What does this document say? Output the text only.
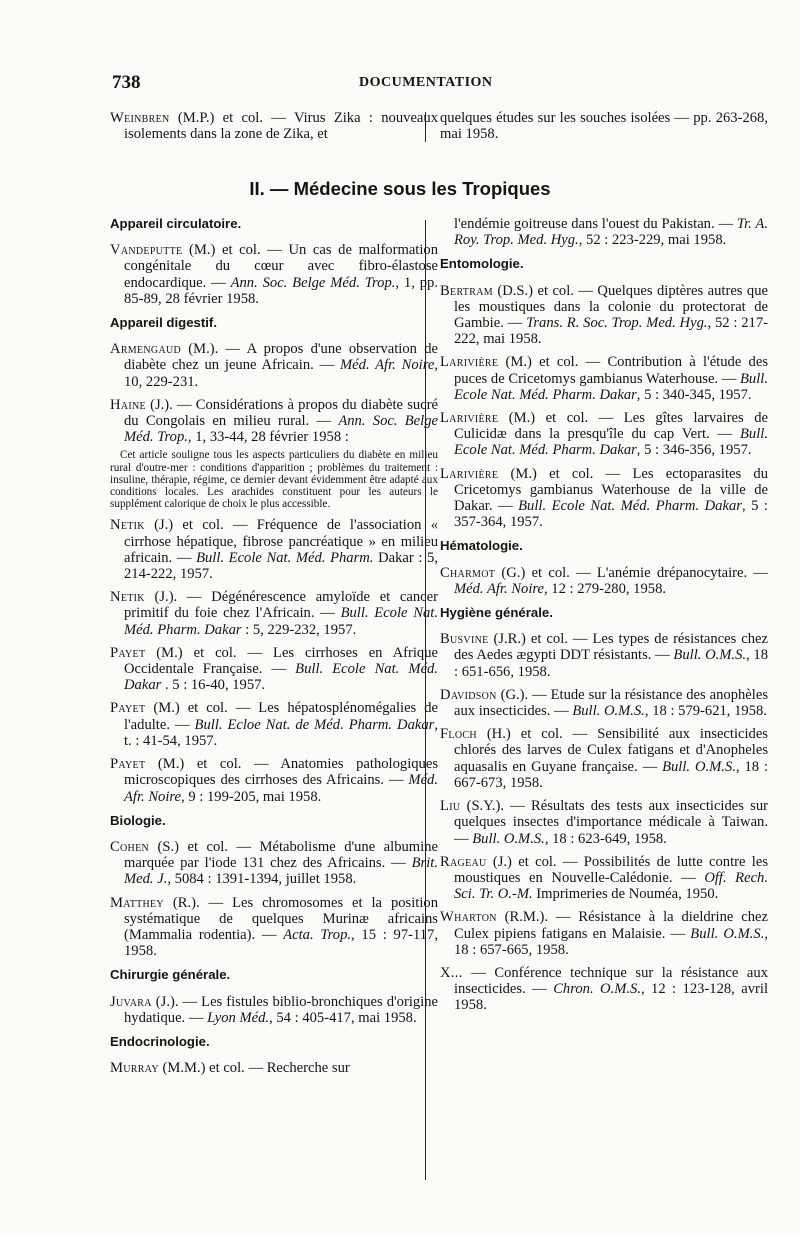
738	DOCUMENTATION

Weinbren (M.P.) et col. — Virus Zika : nouveaux isolements dans la zone de Zika, et

quelques études sur les souches isolées — pp. 263-268, mai 1958.

II. — Médecine sous les Tropiques
Appareil circulatoire.

Vandeputte (M.) et col. — Un cas de malformation congénitale du cœur avec fibro-élastose endocardique. — Ann. Soc. Belge Méd. Trop., 1, pp. 85-89, 28 février 1958.

Appareil digestif.

Armengaud (M.). — A propos d'une observation de diabète chez un jeune Africain. — Méd. Afr. Noire, 10, 229-231.

Haine (J.). — Considérations à propos du diabète sucré du Congolais en milieu rural. — Ann. Soc. Belge Méd. Trop., 1, 33-44, 28 février 1958 :

Cet article souligne tous les aspects particuliers du diabète en milieu rural d'outre-mer : conditions d'apparition ; problèmes du traitement : insuline, thérapie, régime, ce dernier devant évidemment être adapté aux conditions locales. Les arachides constituent pour les auteurs le supplément calorique de choix le plus accessible.

Netik (J.) et col. — Fréquence de l'association « cirrhose hépatique, fibrose pancréatique » en milieu africain. — Bull. Ecole Nat. Méd. Pharm. Dakar : 5, 214-222, 1957.

Netik (J.). — Dégénérescence amyloïde et cancer primitif du foie chez l'Africain. — Bull. Ecole Nat. Méd. Pharm. Dakar : 5, 229-232, 1957.

Payet (M.) et col. — Les cirrhoses en Afrique Occidentale Française. — Bull. Ecole Nat. Méd. Dakar . 5 : 16-40, 1957.

Payet (M.) et col. — Les hépatosplénomégalies de l'adulte. — Bull. Ecloe Nat. de Méd. Pharm. Dakar, t. : 41-54, 1957.

Payet (M.) et col. — Anatomies pathologiques microscopiques des cirrhoses des Africains. — Méd. Afr. Noire, 9 : 199-205, mai 1958.

Biologie.

Cohen (S.) et col. — Métabolisme d'une albumine marquée par l'iode 131 chez des Africains. — Brit. Med. J., 5084 : 1391-1394, juillet 1958.

Matthey (R.). — Les chromosomes et la position systématique de quelques Murinæ africains (Mammalia rodentia). — Acta. Trop., 15 : 97-117, 1958.

Chirurgie générale.

Juvara (J.). — Les fistules biblio-bronchiques d'origine hydatique. — Lyon Méd., 54 : 405-417, mai 1958.

Endocrinologie.

Murray (M.M.) et col. — Recherche sur

l'endémie goitreuse dans l'ouest du Pakistan. — Tr. A. Roy. Trop. Med. Hyg., 52 : 223-229, mai 1958.

Entomologie.

Bertram (D.S.) et col. — Quelques diptères autres que les moustiques dans la colonie du protectorat de Gambie. — Trans. R. Soc. Trop. Med. Hyg., 52 : 217-222, mai 1958.

Larivière (M.) et col. — Contribution à l'étude des puces de Cricetomys gambianus Waterhouse. — Bull. Ecole Nat. Méd. Pharm. Dakar, 5 : 340-345, 1957.

Larivière (M.) et col. — Les gîtes larvaires de Culicidæ dans la presqu'île du cap Vert. — Bull. Ecole Nat. Méd. Pharm. Dakar, 5 : 346-356, 1957.

Larivière (M.) et col. — Les ectoparasites du Cricetomys gambianus Waterhouse de la ville de Dakar. — Bull. Ecole Nat. Méd. Pharm. Dakar, 5 : 357-364, 1957.

Hématologie.

Charmot (G.) et col. — L'anémie drépanocytaire. — Méd. Afr. Noire, 12 : 279-280, 1958.

Hygiène générale.

Busvine (J.R.) et col. — Les types de résistances chez des Aedes ægypti DDT résistants. — Bull. O.M.S., 18 : 651-656, 1958.

Davidson (G.). — Etude sur la résistance des anophèles aux insecticides. — Bull. O.M.S., 18 : 579-621, 1958.

Floch (H.) et col. — Sensibilité aux insecticides chlorés des larves de Culex fatigans et d'Anopheles aquasalis en Guyane française. — Bull. O.M.S., 18 : 667-673, 1958.

Liu (S.Y.). — Résultats des tests aux insecticides sur quelques insectes d'importance médicale à Taiwan. — Bull. O.M.S., 18 : 623-649, 1958.

Rageau (J.) et col. — Possibilités de lutte contre les moustiques en Nouvelle-Calédonie. — Off. Rech. Sci. Tr. O.-M. Imprimeries de Nouméa, 1950.

Wharton (R.M.). — Résistance à la dieldrine chez Culex pipiens fatigans en Malaisie. — Bull. O.M.S., 18 : 657-665, 1958.

X... — Conférence technique sur la résistance aux insecticides. — Chron. O.M.S., 12 : 123-128, avril 1958.
